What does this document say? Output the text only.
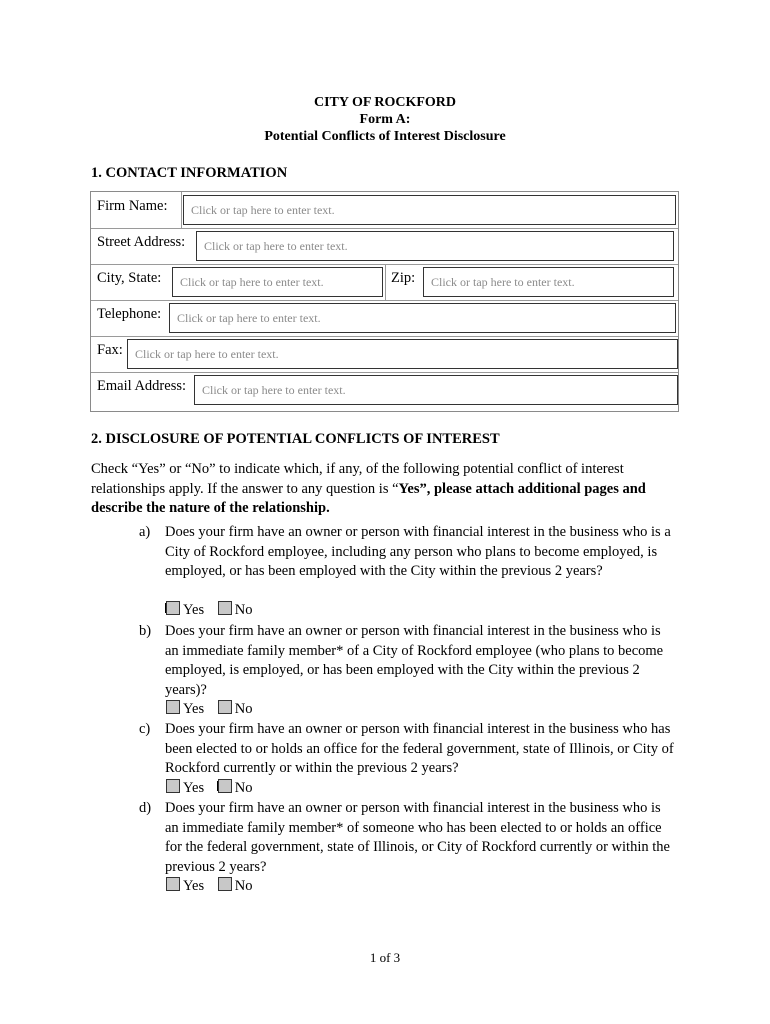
CITY OF ROCKFORD
Form A:
Potential Conflicts of Interest Disclosure
1. CONTACT INFORMATION
Firm Name: Click or tap here to enter text.
Street Address: Click or tap here to enter text.
City, State: Click or tap here to enter text.	Zip: Click or tap here to enter text.
Telephone: Click or tap here to enter text.
Fax: Click or tap here to enter text.
Email Address: Click or tap here to enter text.
2. DISCLOSURE OF POTENTIAL CONFLICTS OF INTEREST
Check “Yes” or “No” to indicate which, if any, of the following potential conflict of interest relationships apply. If the answer to any question is “Yes”, please attach additional pages and describe the nature of the relationship.
a) Does your firm have an owner or person with financial interest in the business who is a City of Rockford employee, including any person who plans to become employed, is employed, or has been employed with the City within the previous 2 years?
Yes No
b) Does your firm have an owner or person with financial interest in the business who is an immediate family member* of a City of Rockford employee (who plans to become employed, is employed, or has been employed with the City within the previous 2 years)?
Yes No
c) Does your firm have an owner or person with financial interest in the business who has been elected to or holds an office for the federal government, state of Illinois, or City of Rockford currently or within the previous 2 years?
Yes No
d) Does your firm have an owner or person with financial interest in the business who is an immediate family member* of someone who has been elected to or holds an office for the federal government, state of Illinois, or City of Rockford currently or within the previous 2 years?
Yes No
1 of 3
